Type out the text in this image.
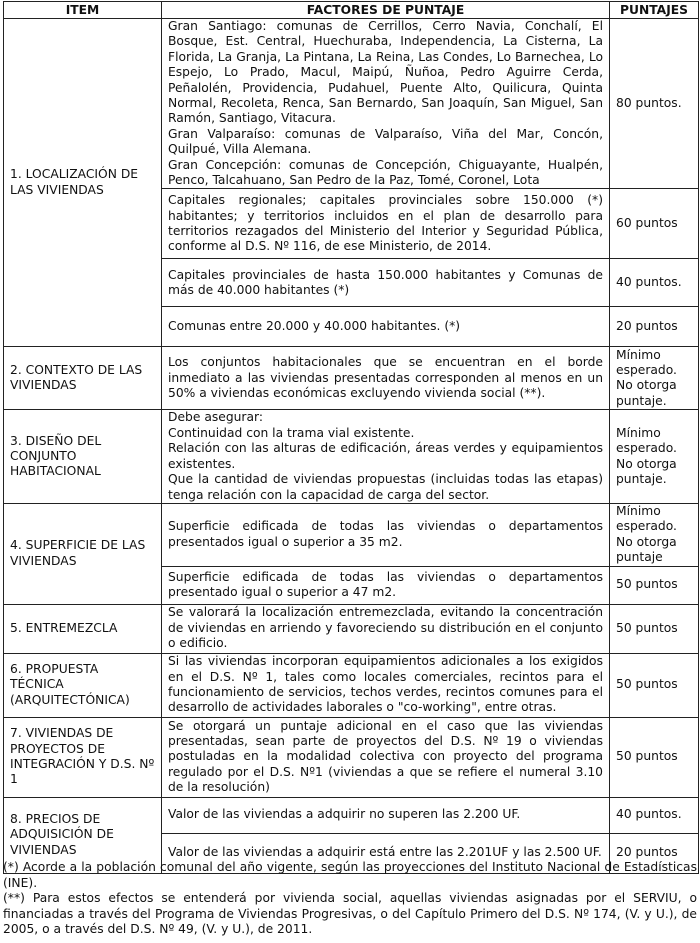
ITEM	FACTORES DE PUNTAJE	PUNTAJES
1. LOCALIZACIÓN DE LAS VIVIENDAS	Gran Santiago: comunas de Cerrillos, Cerro Navia, Conchalí, El Bosque, Est. Central, Huechuraba, Independencia, La Cisterna, La Florida, La Granja, La Pintana, La Reina, Las Condes, Lo Barnechea, Lo Espejo, Lo Prado, Macul, Maipú, Ñuñoa, Pedro Aguirre Cerda, Peñalolén, Providencia, Pudahuel, Puente Alto, Quilicura, Quinta Normal, Recoleta, Renca, San Bernardo, San Joaquín, San Miguel, San Ramón, Santiago, Vitacura.
Gran Valparaíso: comunas de Valparaíso, Viña del Mar, Concón, Quilpué, Villa Alemana.
Gran Concepción: comunas de Concepción, Chiguayante, Hualpén, Penco, Talcahuano, San Pedro de la Paz, Tomé, Coronel, Lota	80 puntos.

	Capitales regionales; capitales provinciales sobre 150.000 (*) habitantes; y territorios incluidos en el plan de desarrollo para territorios rezagados del Ministerio del Interior y Seguridad Pública, conforme al D.S. Nº 116, de ese Ministerio, de 2014.	60 puntos

	Capitales provinciales de hasta 150.000 habitantes y Comunas de más de 40.000 habitantes (*)	40 puntos.

	Comunas entre 20.000 y 40.000 habitantes. (*)	20 puntos
2. CONTEXTO DE LAS VIVIENDAS	Los conjuntos habitacionales que se encuentran en el borde inmediato a las viviendas presentadas corresponden al menos en un 50% a viviendas económicas excluyendo vivienda social (**).	Mínimo esperado. No otorga puntaje.
3. DISEÑO DEL CONJUNTO HABITACIONAL	Debe asegurar:
Continuidad con la trama vial existente.
Relación con las alturas de edificación, áreas verdes y equipamientos existentes.
Que la cantidad de viviendas propuestas (incluidas todas las etapas) tenga relación con la capacidad de carga del sector.	Mínimo esperado. No otorga puntaje.
4. SUPERFICIE DE LAS VIVIENDAS	Superficie edificada de todas las viviendas o departamentos presentados igual o superior a 35 m2.	Mínimo esperado. No otorga puntaje

	Superficie edificada de todas las viviendas o departamentos presentado igual o superior a 47 m2.	50 puntos
5. ENTREMEZCLA	Se valorará la localización entremezclada, evitando la concentración de viviendas en arriendo y favoreciendo su distribución en el conjunto o edificio.	50 puntos
6. PROPUESTA TÉCNICA (ARQUITECTÓNICA)	Si las viviendas incorporan equipamientos adicionales a los exigidos en el D.S. Nº 1, tales como locales comerciales, recintos para el funcionamiento de servicios, techos verdes, recintos comunes para el desarrollo de actividades laborales o "co-working", entre otras.	50 puntos
7. VIVIENDAS DE PROYECTOS DE INTEGRACIÓN Y D.S. Nº 1	Se otorgará un puntaje adicional en el caso que las viviendas presentadas, sean parte de proyectos del D.S. Nº 19 o viviendas postuladas en la modalidad colectiva con proyecto del programa regulado por el D.S. Nº1 (viviendas a que se refiere el numeral 3.10 de la resolución)	50 puntos
8. PRECIOS DE ADQUISICIÓN DE VIVIENDAS	Valor de las viviendas a adquirir no superen las 2.200 UF.	40 puntos.

	Valor de las viviendas a adquirir está entre las 2.201UF y las 2.500 UF.	20 puntos

(*) Acorde a la población comunal del año vigente, según las proyecciones del Instituto Nacional de Estadísticas (INE).

(**) Para estos efectos se entenderá por vivienda social, aquellas viviendas asignadas por el SERVIU, o financiadas a través del Programa de Viviendas Progresivas, o del Capítulo Primero del D.S. Nº 174, (V. y U.), de 2005, o a través del D.S. Nº 49, (V. y U.), de 2011.
